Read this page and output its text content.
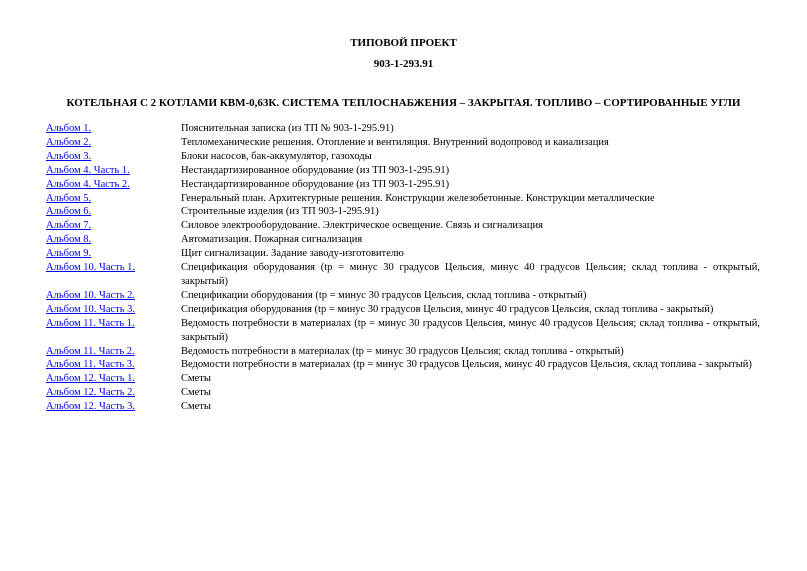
ТИПОВОЙ ПРОЕКТ

903-1-293.91

КОТЕЛЬНАЯ С 2 КОТЛАМИ КВМ-0,63К. СИСТЕМА ТЕПЛОСНАБЖЕНИЯ – ЗАКРЫТАЯ. ТОПЛИВО – СОРТИРОВАННЫЕ УГЛИ

Альбом 1.	Пояснительная записка (из ТП № 903-1-295.91)
Альбом 2.	Тепломеханические решения. Отопление и вентиляция. Внутренний водопровод и канализация
Альбом 3.	Блоки насосов, бак-аккумулятор, газоходы
Альбом 4. Часть 1.	Нестандартизированное оборудование (из ТП 903-1-295.91)
Альбом 4. Часть 2.	Нестандартизированное оборудование (из ТП 903-1-295.91)
Альбом 5.	Генеральный план. Архитектурные решения. Конструкции железобетонные. Конструкции металлические
Альбом 6.	Строительные изделия (из ТП 903-1-295.91)
Альбом 7.	Силовое электрооборудование. Электрическое освещение. Связь и сигнализация
Альбом 8.	Автоматизация. Пожарная сигнализация
Альбом 9.	Щит сигнализации. Задание заводу-изготовителю
Альбом 10. Часть 1.	Спецификация оборудования (tp = минус 30 градусов Цельсия, минус 40 градусов Цельсия; склад топлива - открытый, закрытый)
Альбом 10. Часть 2.	Спецификации оборудования (tp = минус 30 градусов Цельсия, склад топлива - открытый)
Альбом 10. Часть 3.	Спецификация оборудования (tp = минус 30 градусов Цельсия, минус 40 градусов Цельсия, склад топлива - закрытый)
Альбом 11. Часть 1.	Ведомость потребности в материалах (tp = минус 30 градусов Цельсия, минус 40 градусов Цельсия; склад топлива - открытый, закрытый)
Альбом 11. Часть 2.	Ведомость потребности в материалах (tp = минус 30 градусов Цельсия; склад топлива - открытый)
Альбом 11. Часть 3.	Ведомости потребности в материалах (tp = минус 30 градусов Цельсия, минус 40 градусов Цельсия, склад топлива - закрытый)
Альбом 12. Часть 1.	Сметы
Альбом 12. Часть 2.	Сметы
Альбом 12. Часть 3.	Сметы
